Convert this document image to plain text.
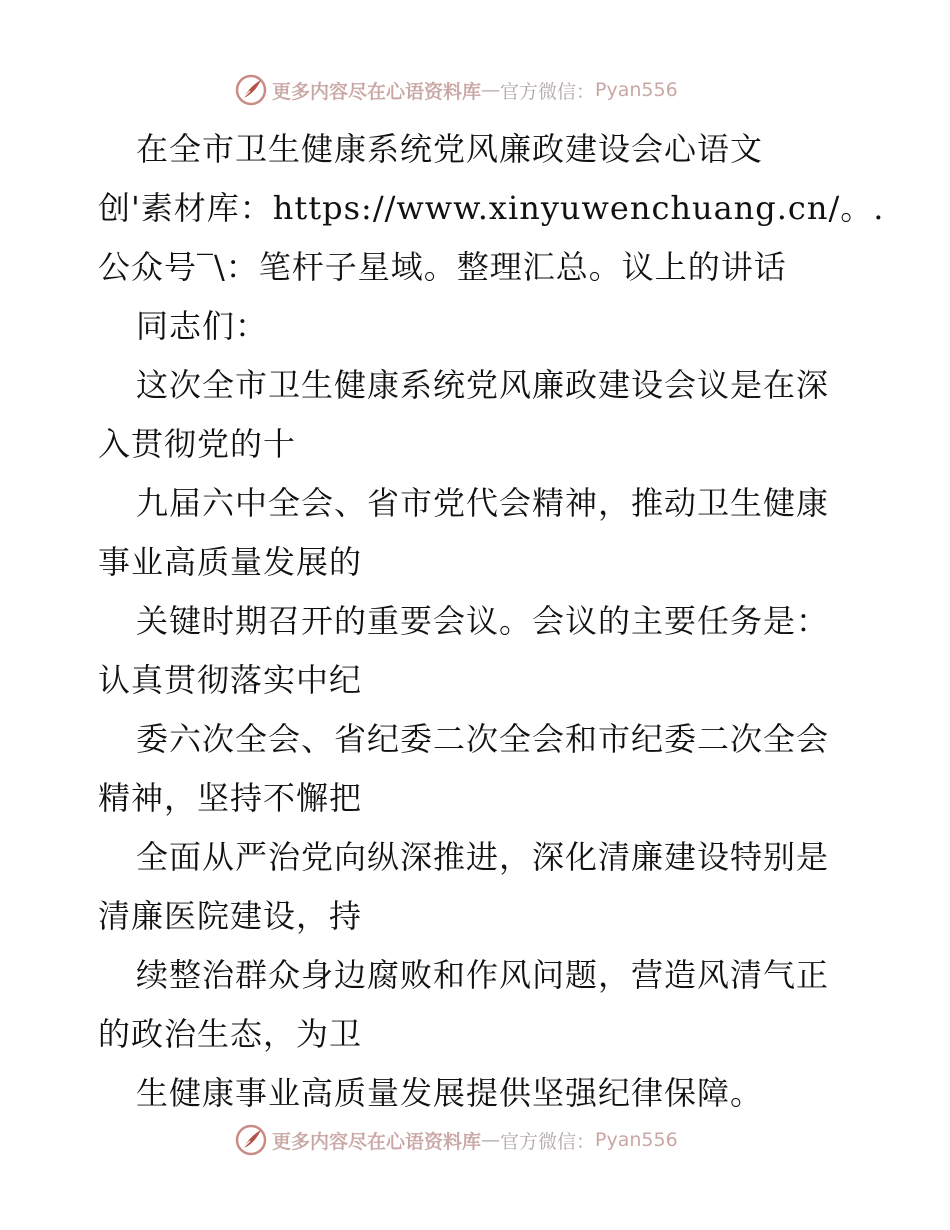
更多内容尽在心语资料库 — 官方微信： Pyan556
在全市卫生健康系统党风廉政建设会心语文
创'素材库：https://www.xinyuwenchuang.cn/。.
公众号‾\：笔杆子星域。整理汇总。议上的讲话
同志们：
这次全市卫生健康系统党风廉政建设会议是在深
入贯彻党的十
九届六中全会、省市党代会精神，推动卫生健康
事业高质量发展的
关键时期召开的重要会议。会议的主要任务是：
认真贯彻落实中纪
委六次全会、省纪委二次全会和市纪委二次全会
精神，坚持不懈把
全面从严治党向纵深推进，深化清廉建设特别是
清廉医院建设，持
续整治群众身边腐败和作风问题，营造风清气正
的政治生态，为卫
生健康事业高质量发展提供坚强纪律保障。
更多内容尽在心语资料库 — 官方微信： Pyan556
